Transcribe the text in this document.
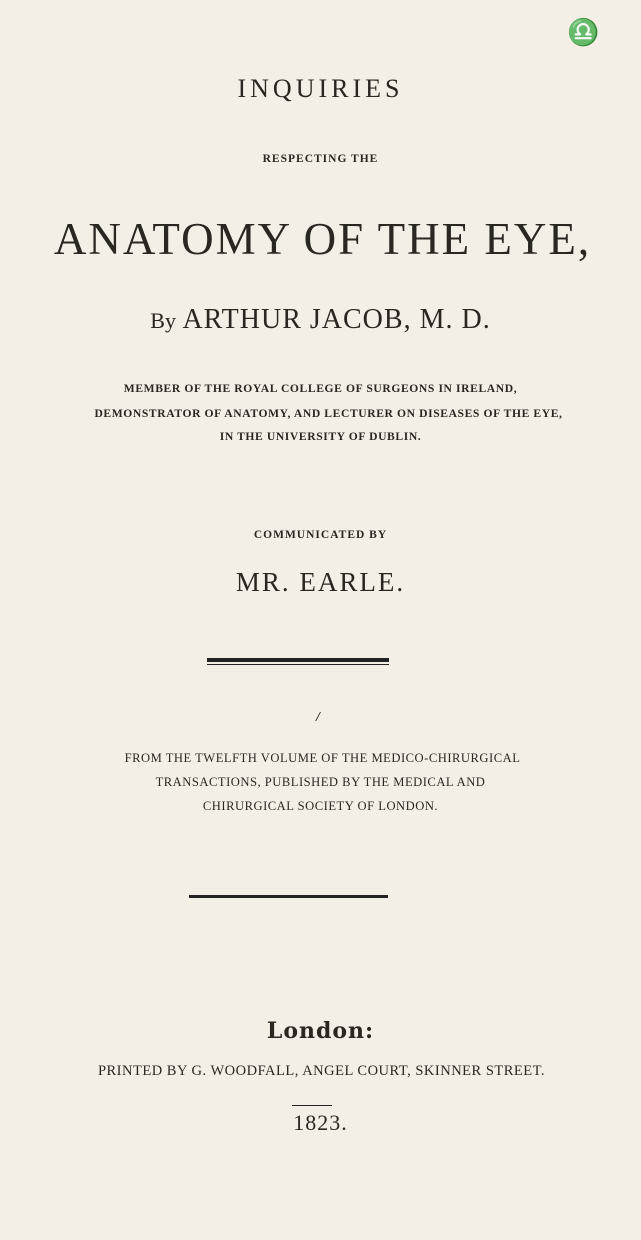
♎
INQUIRIES
RESPECTING THE
ANATOMY OF THE EYE,
By ARTHUR JACOB, M. D.
MEMBER OF THE ROYAL COLLEGE OF SURGEONS IN IRELAND,
DEMONSTRATOR OF ANATOMY, AND LECTURER ON DISEASES OF THE EYE,
IN THE UNIVERSITY OF DUBLIN.
COMMUNICATED BY
MR. EARLE.
/
FROM THE TWELFTH VOLUME OF THE MEDICO-CHIRURGICAL
TRANSACTIONS, PUBLISHED BY THE MEDICAL AND
CHIRURGICAL SOCIETY OF LONDON.
London:
PRINTED BY G. WOODFALL, ANGEL COURT, SKINNER STREET.
1823.
